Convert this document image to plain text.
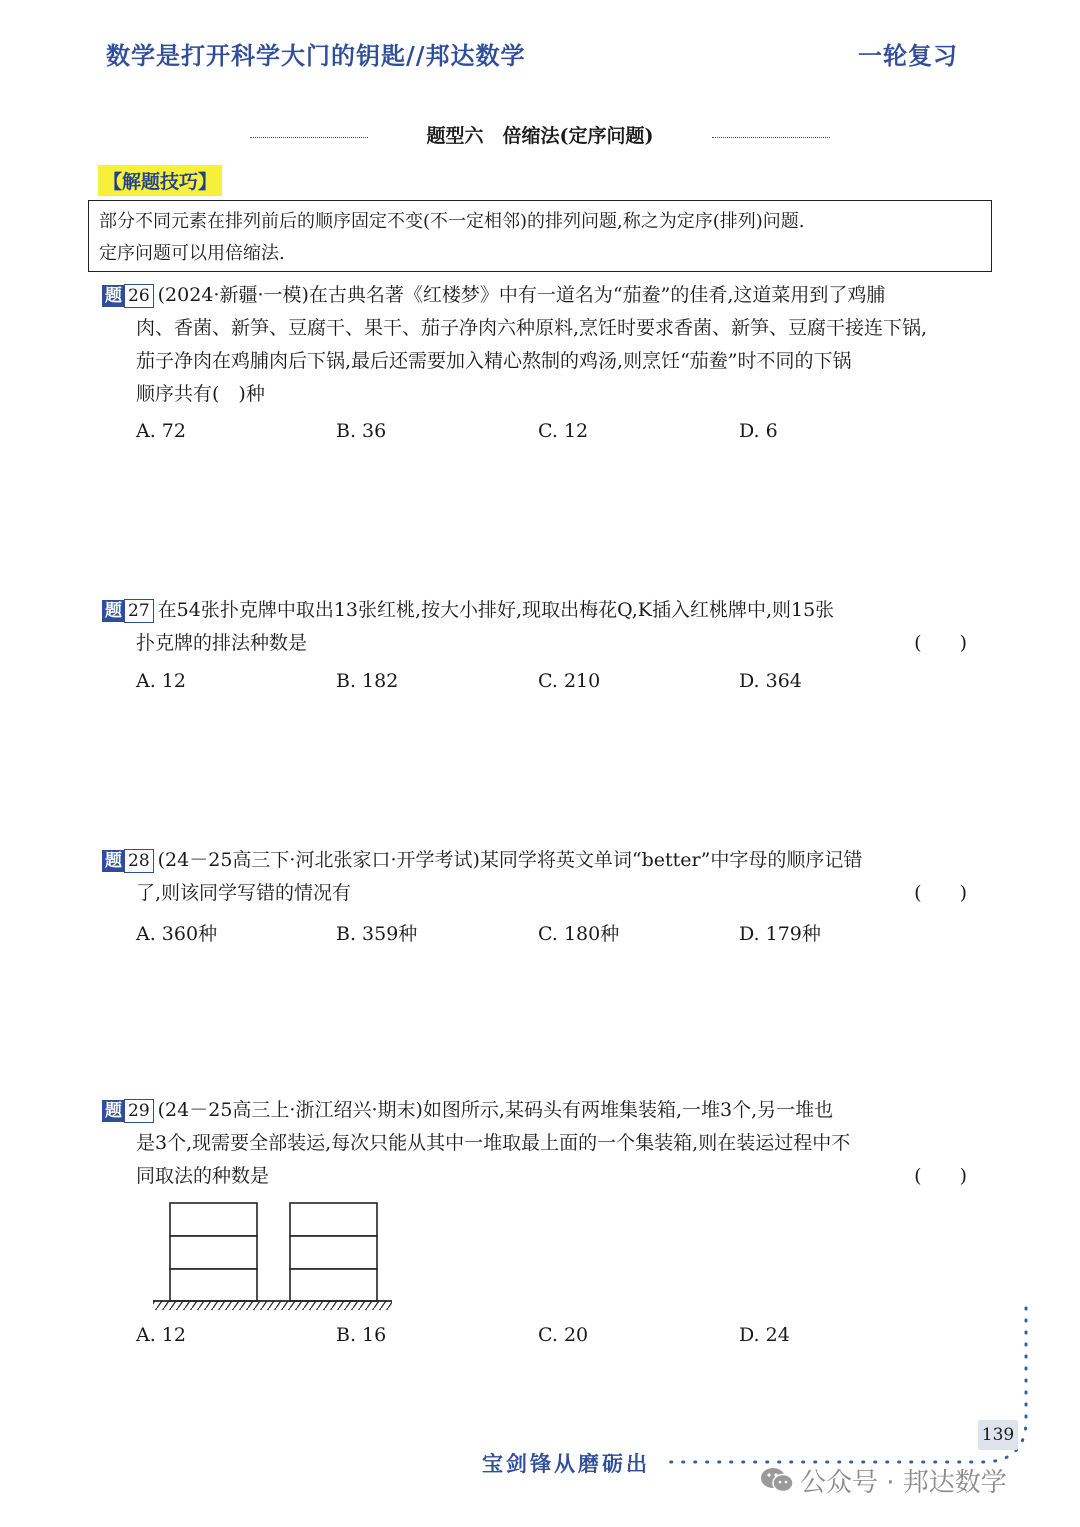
数学是打开科学大门的钥匙//邦达数学	一轮复习
题型六　倍缩法(定序问题)
【解题技巧】
部分不同元素在排列前后的顺序固定不变(不一定相邻)的排列问题,称之为定序(排列)问题.
定序问题可以用倍缩法.
题 26 (2024·新疆·一模)在古典名著《红楼梦》中有一道名为“茄鲞”的佳肴,这道菜用到了鸡脯
肉、香菌、新笋、豆腐干、果干、茄子净肉六种原料,烹饪时要求香菌、新笋、豆腐干接连下锅,
茄子净肉在鸡脯肉后下锅,最后还需要加入精心熬制的鸡汤,则烹饪“茄鲞”时不同的下锅
顺序共有(　)种
A. 72	B. 36	C. 12	D. 6
题 27 在54张扑克牌中取出13张红桃,按大小排好,现取出梅花Q,K插入红桃牌中,则15张
扑克牌的排法种数是	(　　)
A. 12	B. 182	C. 210	D. 364
题 28 (24－25高三下·河北张家口·开学考试)某同学将英文单词“better”中字母的顺序记错
了,则该同学写错的情况有	(　　)
A. 360种	B. 359种	C. 180种	D. 179种
题 29 (24－25高三上·浙江绍兴·期末)如图所示,某码头有两堆集装箱,一堆3个,另一堆也
是3个,现需要全部装运,每次只能从其中一堆取最上面的一个集装箱,则在装运过程中不
同取法的种数是	(　　)
A. 12	B. 16	C. 20	D. 24
宝剑锋从磨砺出
139
公众号 · 邦达数学
